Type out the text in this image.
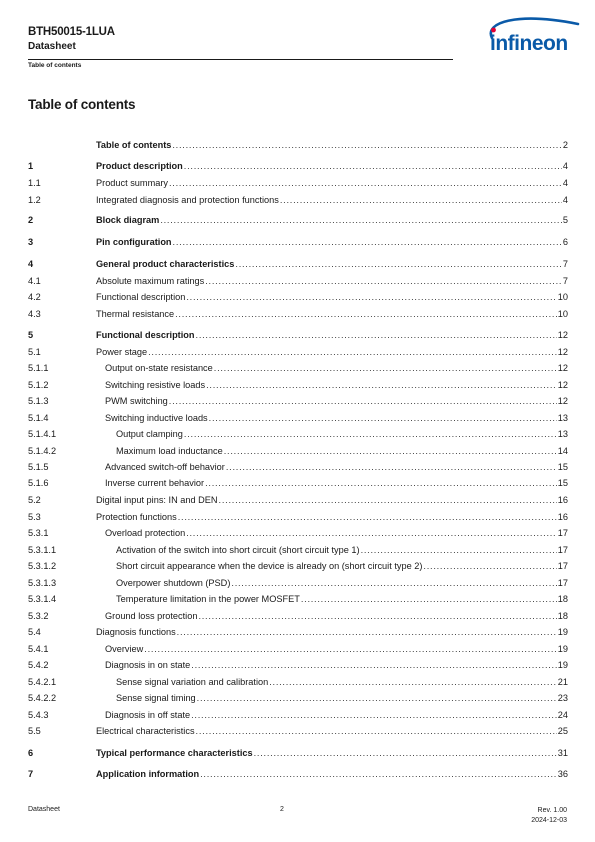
BTH50015-1LUA
Datasheet
Table of contents
infineon
Table of contents
Table of contents . . .	2
1	Product description . . .	4
1.1	Product summary . . .	4
1.2	Integrated diagnosis and protection functions . . .	4
2	Block diagram . . .	5
3	Pin configuration . . .	6
4	General product characteristics . . .	7
4.1	Absolute maximum ratings . . .	7
4.2	Functional description . . .	10
4.3	Thermal resistance . . .	10
5	Functional description . . .	12
5.1	Power stage . . .	12
5.1.1	Output on-state resistance . . .	12
5.1.2	Switching resistive loads . . .	12
5.1.3	PWM switching . . .	12
5.1.4	Switching inductive loads . . .	13
5.1.4.1	Output clamping . . .	13
5.1.4.2	Maximum load inductance . . .	14
5.1.5	Advanced switch-off behavior . . .	15
5.1.6	Inverse current behavior . . .	15
5.2	Digital input pins: IN and DEN . . .	16
5.3	Protection functions . . .	16
5.3.1	Overload protection . . .	17
5.3.1.1	Activation of the switch into short circuit (short circuit type 1) . . .	17
5.3.1.2	Short circuit appearance when the device is already on (short circuit type 2) . . .	17
5.3.1.3	Overpower shutdown (PSD) . . .	17
5.3.1.4	Temperature limitation in the power MOSFET . . .	18
5.3.2	Ground loss protection . . .	18
5.4	Diagnosis functions . . .	19
5.4.1	Overview . . .	19
5.4.2	Diagnosis in on state . . .	19
5.4.2.1	Sense signal variation and calibration . . .	21
5.4.2.2	Sense signal timing . . .	23
5.4.3	Diagnosis in off state . . .	24
5.5	Electrical characteristics . . .	25
6	Typical performance characteristics . . .	31
7	Application information . . .	36
Datasheet	2	Rev. 1.00
2024-12-03
